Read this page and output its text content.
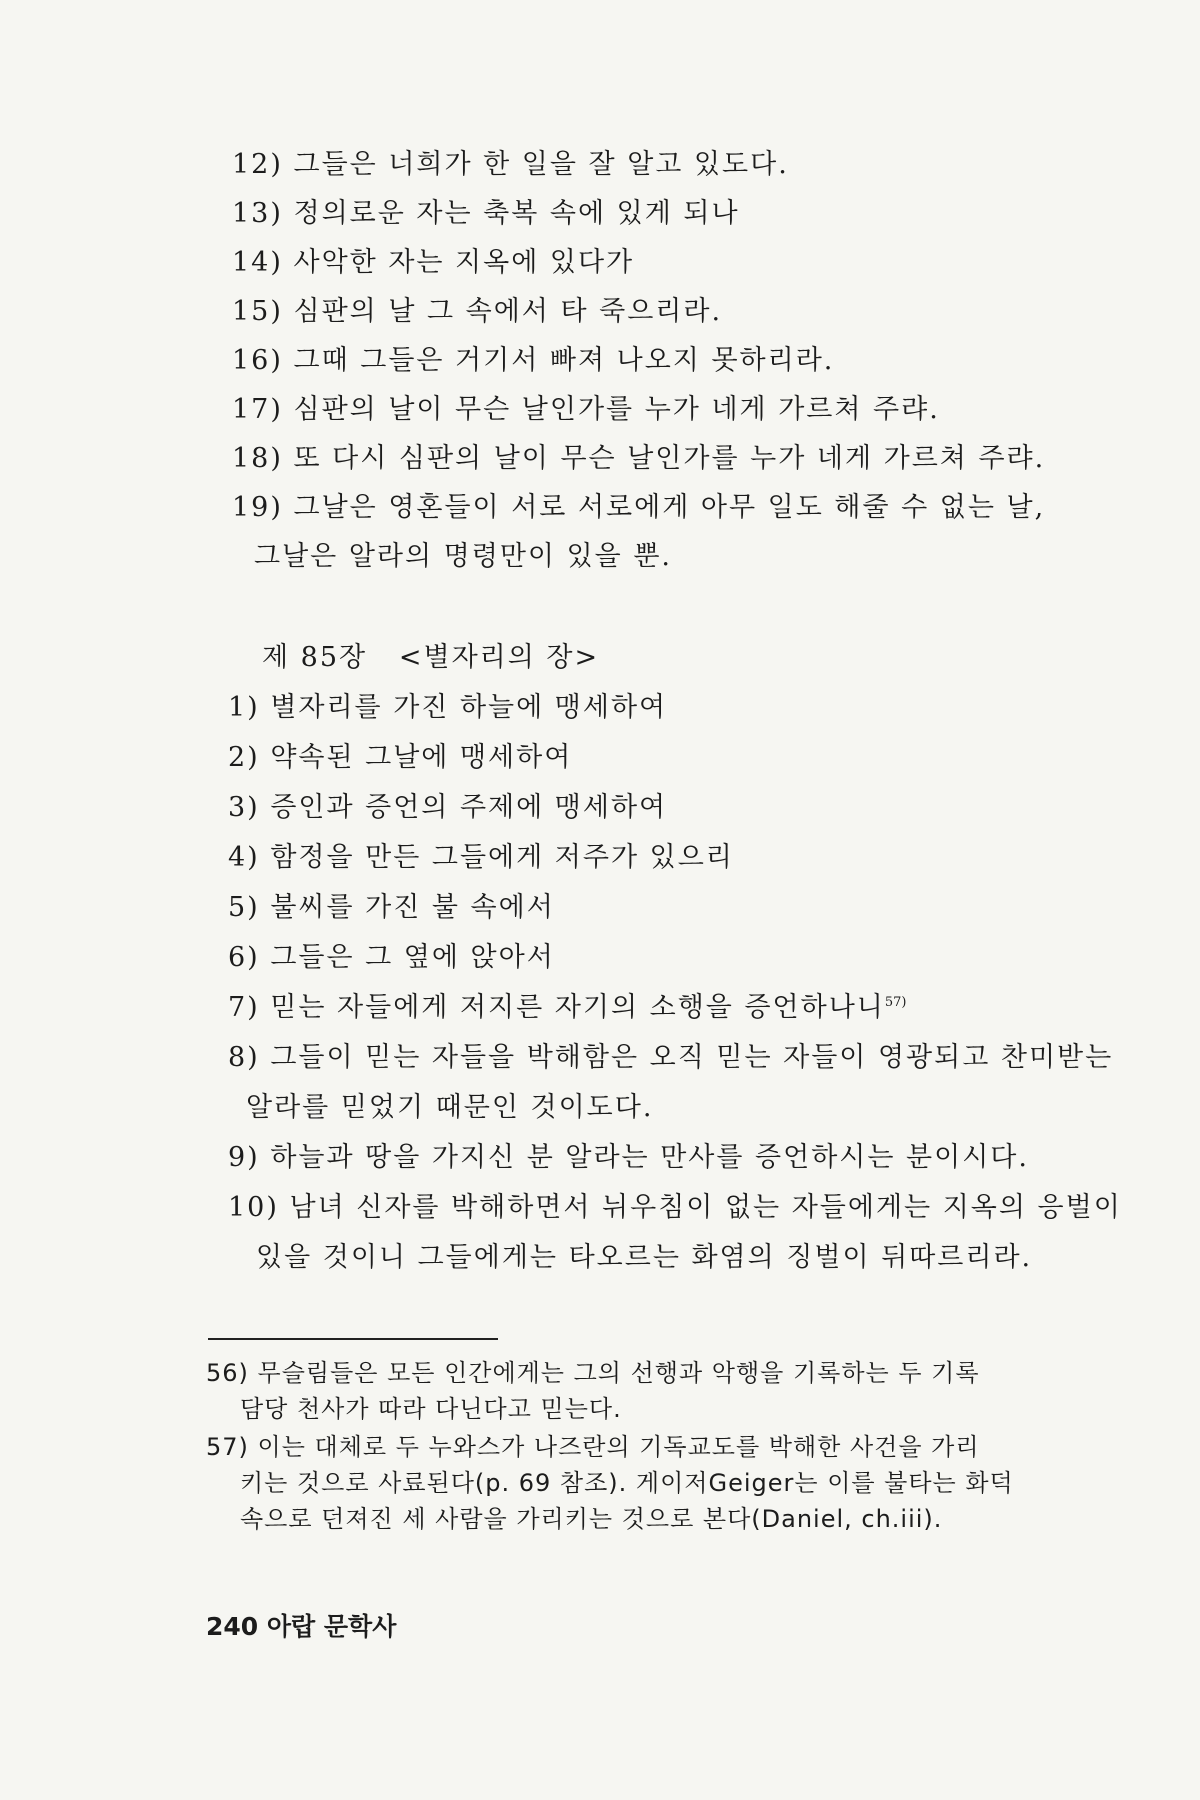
12) 그들은 너희가 한 일을 잘 알고 있도다.
13) 정의로운 자는 축복 속에 있게 되나
14) 사악한 자는 지옥에 있다가
15) 심판의 날 그 속에서 타 죽으리라.
16) 그때 그들은 거기서 빠져 나오지 못하리라.
17) 심판의 날이 무슨 날인가를 누가 네게 가르쳐 주랴.
18) 또 다시 심판의 날이 무슨 날인가를 누가 네게 가르쳐 주랴.
19) 그날은 영혼들이 서로 서로에게 아무 일도 해줄 수 없는 날,
그날은 알라의 명령만이 있을 뿐.
제 85장 <별자리의 장>
1) 별자리를 가진 하늘에 맹세하여
2) 약속된 그날에 맹세하여
3) 증인과 증언의 주제에 맹세하여
4) 함정을 만든 그들에게 저주가 있으리
5) 불씨를 가진 불 속에서
6) 그들은 그 옆에 앉아서
7) 믿는 자들에게 저지른 자기의 소행을 증언하나니$^{57)}$
8) 그들이 믿는 자들을 박해함은 오직 믿는 자들이 영광되고 찬미받는
알라를 믿었기 때문인 것이도다.
9) 하늘과 땅을 가지신 분 알라는 만사를 증언하시는 분이시다.
10) 남녀 신자를 박해하면서 뉘우침이 없는 자들에게는 지옥의 응벌이
있을 것이니 그들에게는 타오르는 화염의 징벌이 뒤따르리라.
56) 무슬림들은 모든 인간에게는 그의 선행과 악행을 기록하는 두 기록
담당 천사가 따라 다닌다고 믿는다.
57) 이는 대체로 두 누와스가 나즈란의 기독교도를 박해한 사건을 가리
키는 것으로 사료된다(p. 69 참조). 게이저Geiger는 이를 불타는 화덕
속으로 던져진 세 사람을 가리키는 것으로 본다(Daniel, ch.iii).
240 아랍 문학사
